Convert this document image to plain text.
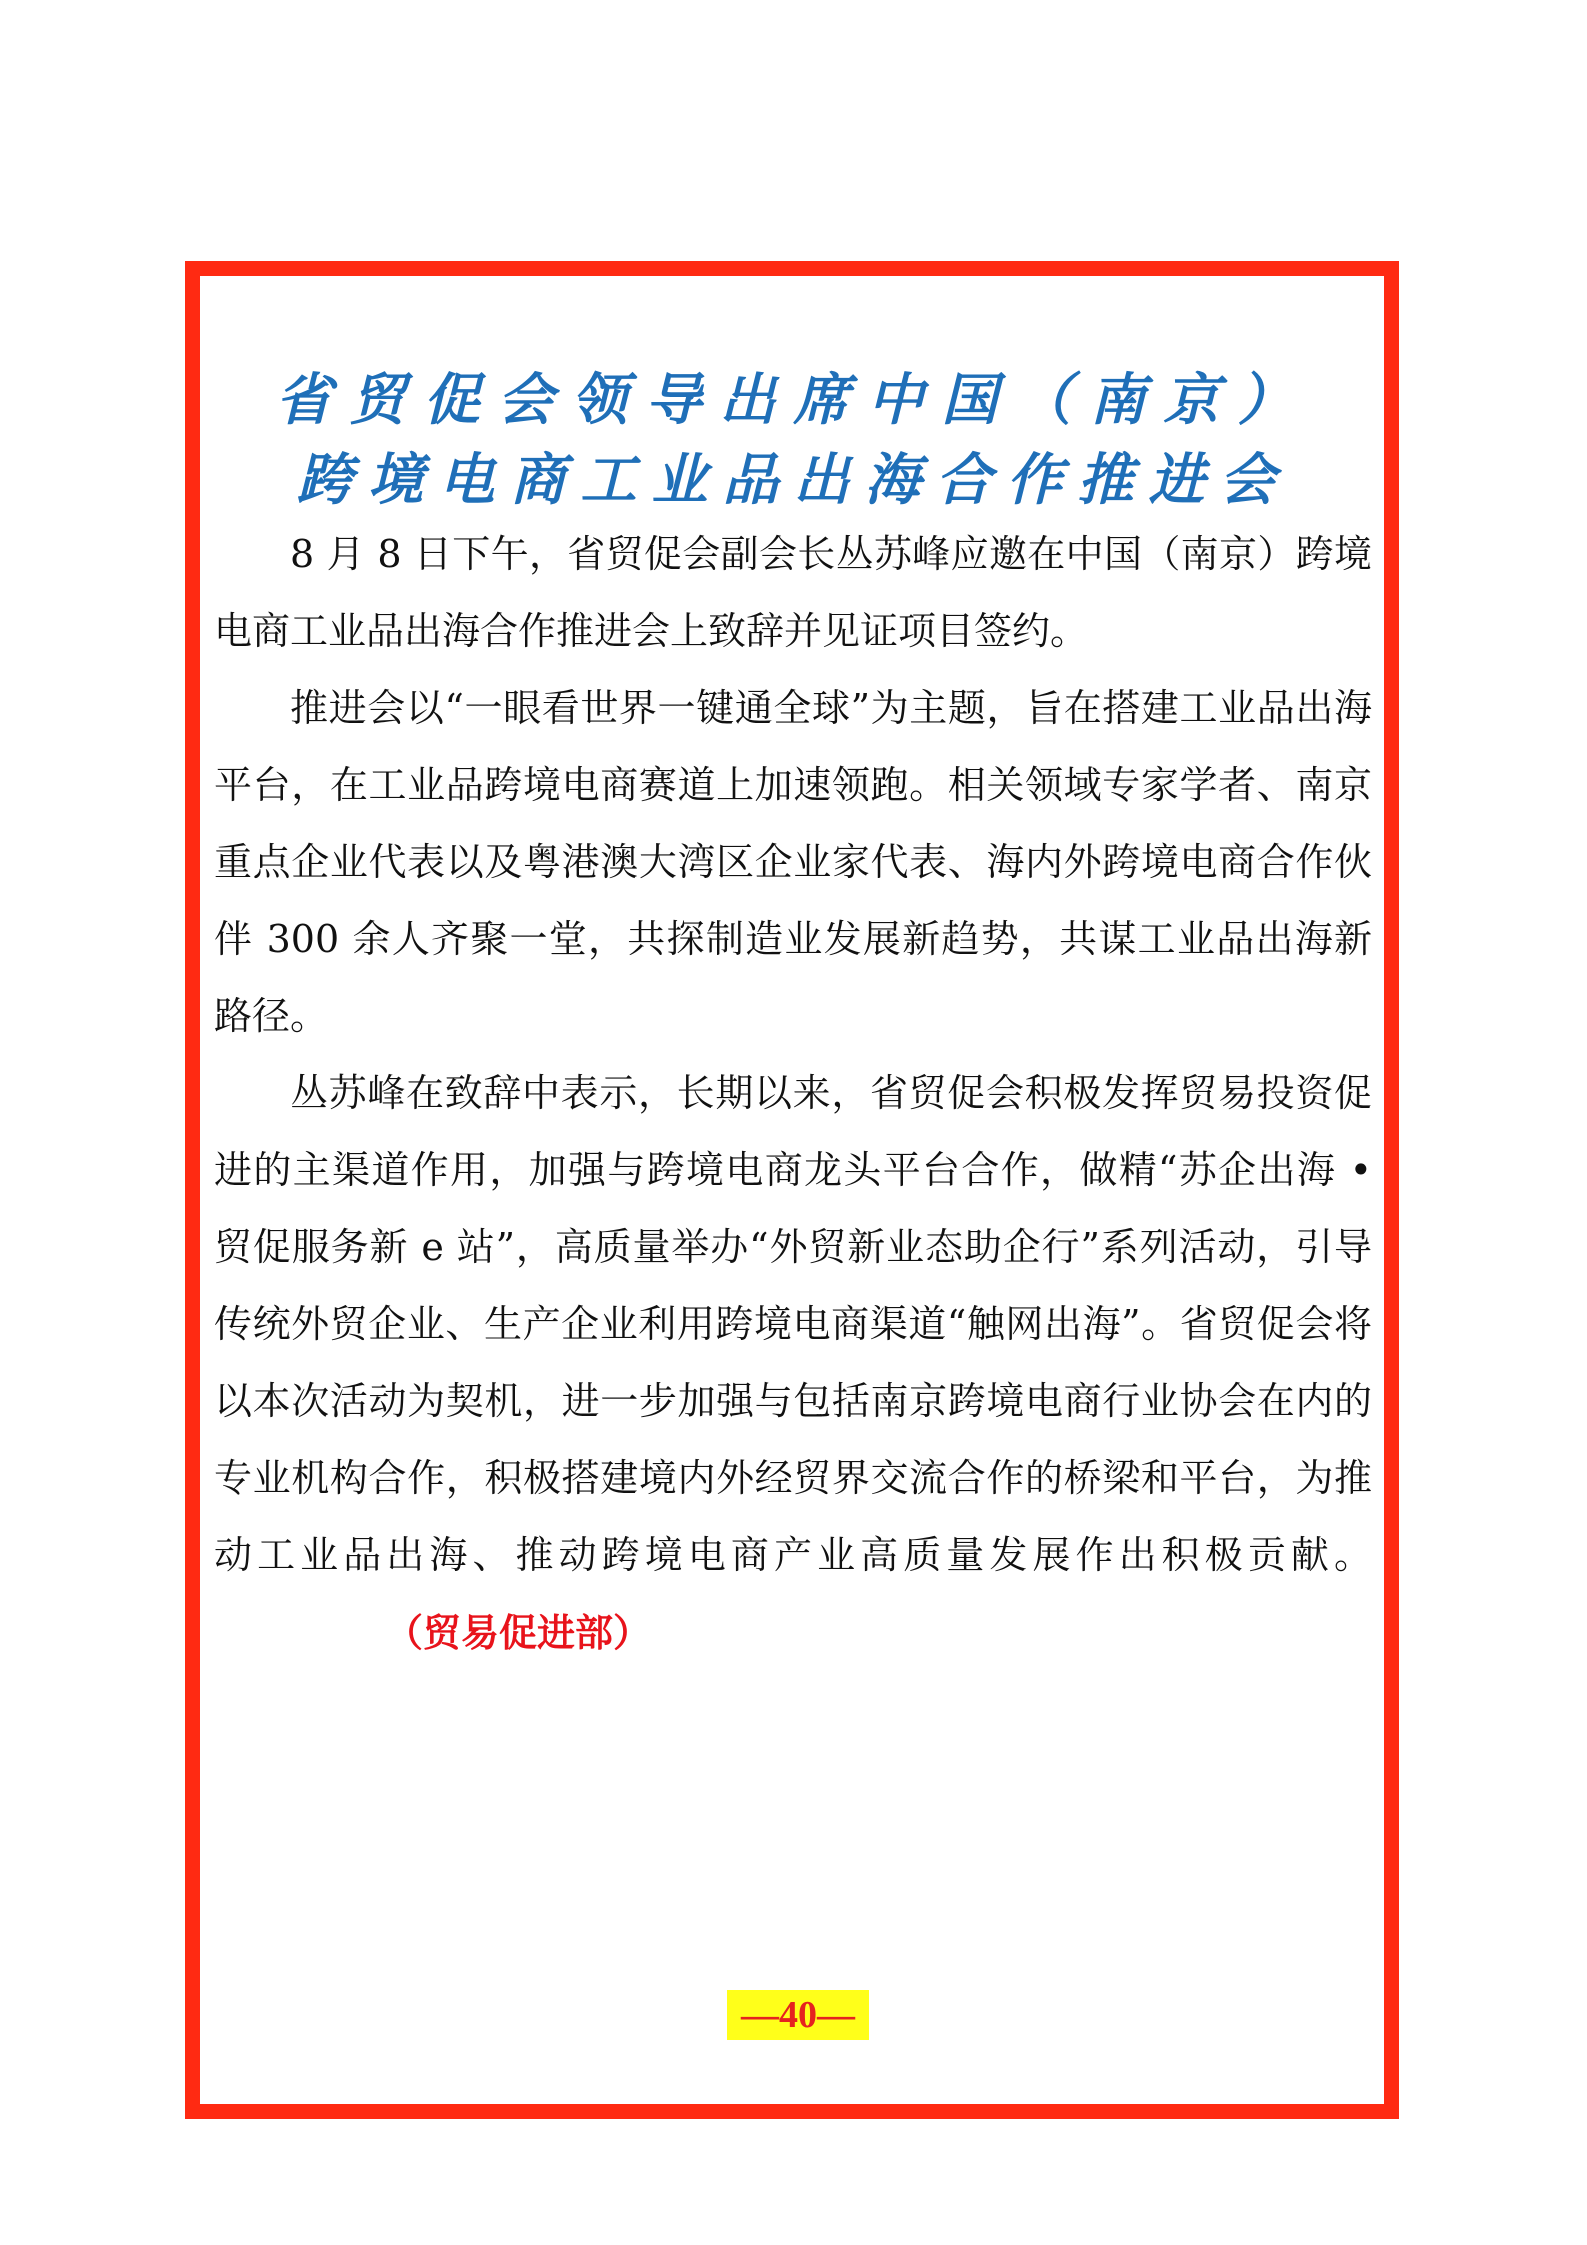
省贸促会领导出席中国（南京）
跨境电商工业品出海合作推进会

8 月 8 日下午，省贸促会副会长丛苏峰应邀在中国（南京）跨境电商工业品出海合作推进会上致辞并见证项目签约。

推进会以“一眼看世界一键通全球”为主题，旨在搭建工业品出海平台，在工业品跨境电商赛道上加速领跑。相关领域专家学者、南京重点企业代表以及粤港澳大湾区企业家代表、海内外跨境电商合作伙伴 300 余人齐聚一堂，共探制造业发展新趋势，共谋工业品出海新路径。

丛苏峰在致辞中表示，长期以来，省贸促会积极发挥贸易投资促进的主渠道作用，加强与跨境电商龙头平台合作，做精“苏企出海 • 贸促服务新 e 站”，高质量举办“外贸新业态助企行”系列活动，引导传统外贸企业、生产企业利用跨境电商渠道“触网出海”。省贸促会将以本次活动为契机，进一步加强与包括南京跨境电商行业协会在内的专业机构合作，积极搭建境内外经贸界交流合作的桥梁和平台，为推动工业品出海、推动跨境电商产业高质量发展作出积极贡献。（贸易促进部）

—40—
